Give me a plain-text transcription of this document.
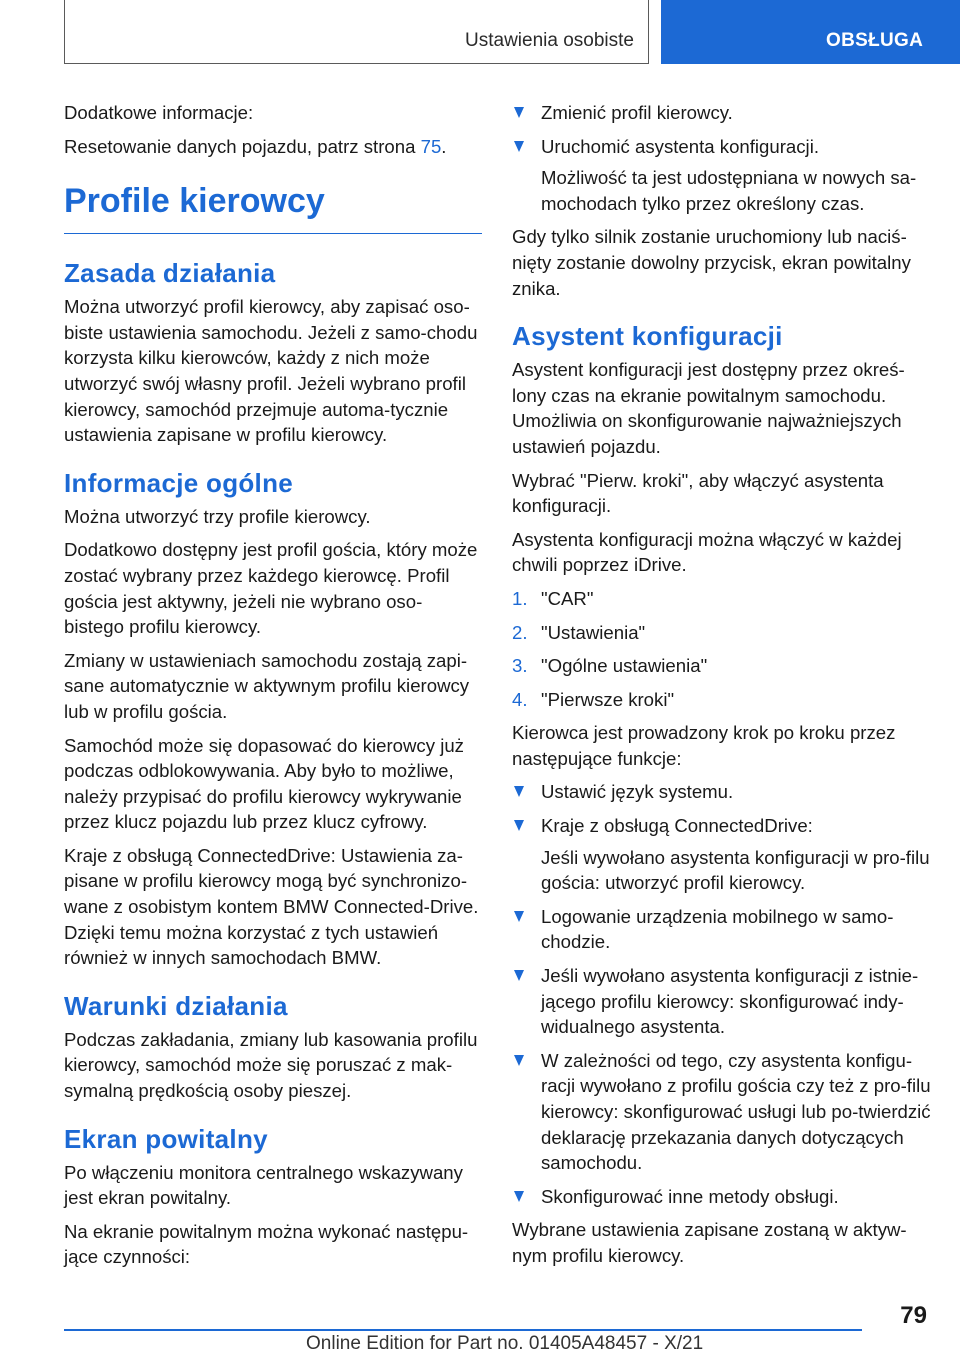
Ustawienia osobiste	OBSŁUGA

Dodatkowe informacje:

Resetowanie danych pojazdu, patrz strona 75.

Profile kierowcy
Zasada działania

Można utworzyć profil kierowcy, aby zapisać oso‐biste ustawienia samochodu. Jeżeli z samo‐chodu korzysta kilku kierowców, każdy z nich może utworzyć swój własny profil. Jeżeli wybrano profil kierowcy, samochód przejmuje automa‐tycznie ustawienia zapisane w profilu kierowcy.

Informacje ogólne

Można utworzyć trzy profile kierowcy.

Dodatkowo dostępny jest profil gościa, który może zostać wybrany przez każdego kierowcę. Profil gościa jest aktywny, jeżeli nie wybrano oso‐bistego profilu kierowcy.

Zmiany w ustawieniach samochodu zostają zapi‐sane automatycznie w aktywnym profilu kierowcy lub w profilu gościa.

Samochód może się dopasować do kierowcy już podczas odblokowywania. Aby było to możliwe, należy przypisać do profilu kierowcy wykrywanie przez klucz pojazdu lub przez klucz cyfrowy.

Kraje z obsługą ConnectedDrive: Ustawienia za‐pisane w profilu kierowcy mogą być synchronizo‐wane z osobistym kontem BMW Connected‐Drive. Dzięki temu można korzystać z tych ustawień również w innych samochodach BMW.

Warunki działania

Podczas zakładania, zmiany lub kasowania profilu kierowcy, samochód może się poruszać z mak‐symalną prędkością osoby pieszej.

Ekran powitalny

Po włączeniu monitora centralnego wskazywany jest ekran powitalny.

Na ekranie powitalnym można wykonać następu‐jące czynności:

Zmienić profil kierowcy.
Uruchomić asystenta konfiguracji.
Możliwość ta jest udostępniana w nowych sa‐mochodach tylko przez określony czas.

Gdy tylko silnik zostanie uruchomiony lub naciś‐nięty zostanie dowolny przycisk, ekran powitalny znika.

Asystent konfiguracji

Asystent konfiguracji jest dostępny przez okreś‐lony czas na ekranie powitalnym samochodu. Umożliwia on skonfigurowanie najważniejszych ustawień pojazdu.

Wybrać "Pierw. kroki", aby włączyć asystenta konfiguracji.

Asystenta konfiguracji można włączyć w każdej chwili poprzez iDrive.

1. "CAR"
2. "Ustawienia"
3. "Ogólne ustawienia"
4. "Pierwsze kroki"

Kierowca jest prowadzony krok po kroku przez następujące funkcje:

Ustawić język systemu.
Kraje z obsługą ConnectedDrive:
Jeśli wywołano asystenta konfiguracji w pro‐filu gościa: utworzyć profil kierowcy.
Logowanie urządzenia mobilnego w samo‐chodzie.
Jeśli wywołano asystenta konfiguracji z istnie‐jącego profilu kierowcy: skonfigurować indy‐widualnego asystenta.
W zależności od tego, czy asystenta konfigu‐racji wywołano z profilu gościa czy też z pro‐filu kierowcy: skonfigurować usługi lub po‐twierdzić deklarację przekazania danych dotyczących samochodu.
Skonfigurować inne metody obsługi.

Wybrane ustawienia zapisane zostaną w aktyw‐nym profilu kierowcy.

79
Online Edition for Part no. 01405A48457 - X/21
